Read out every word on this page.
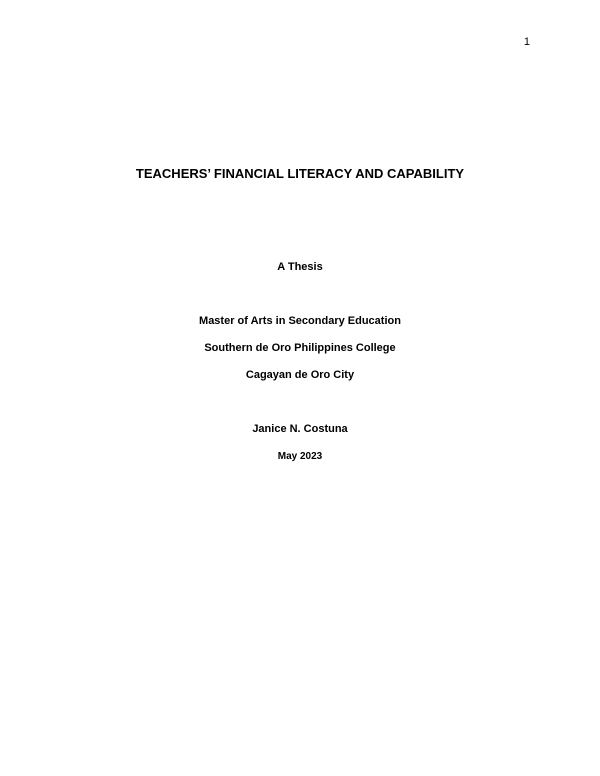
1
TEACHERS’ FINANCIAL LITERACY AND CAPABILITY
A Thesis
Master of Arts in Secondary Education
Southern de Oro Philippines College
Cagayan de Oro City
Janice N. Costuna
May 2023
